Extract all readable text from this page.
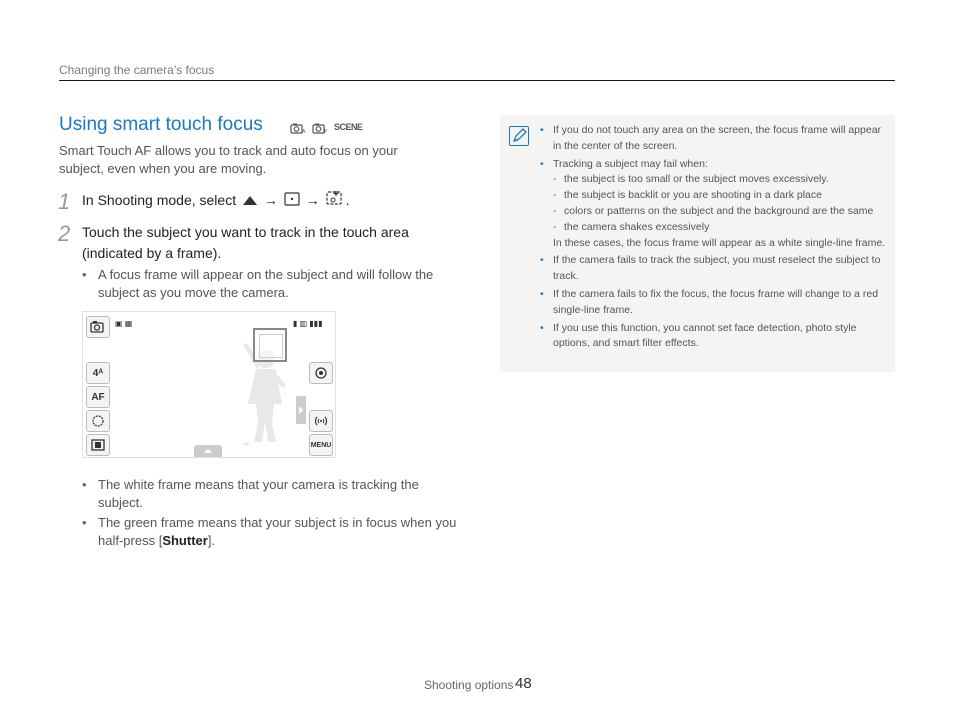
Changing the camera’s focus
Using smart touch focus	A	P
SCENE
Smart Touch AF allows you to track and auto focus on your subject, even when you are moving.
1 In Shooting mode, select → → .
2 Touch the subject you want to track in the touch area (indicated by a frame).
• A focus frame will appear on the subject and will follow the subject as you move the camera.
▣ ▦	▮ ▥ ▮▮▮
4ᴬ
AF
MENU
• The white frame means that your camera is tracking the subject.
• The green frame means that your subject is in focus when you half-press [Shutter].
• If you do not touch any area on the screen, the focus frame will appear in the center of the screen.
• Tracking a subject may fail when:
- the subject is too small or the subject moves excessively.
- the subject is backlit or you are shooting in a dark place
- colors or patterns on the subject and the background are the same
- the camera shakes excessively
In these cases, the focus frame will appear as a white single-line frame.
• If the camera fails to track the subject, you must reselect the subject to track.
• If the camera fails to fix the focus, the focus frame will change to a red single-line frame.
• If you use this function, you cannot set face detection, photo style options, and smart filter effects.
Shooting options 48
